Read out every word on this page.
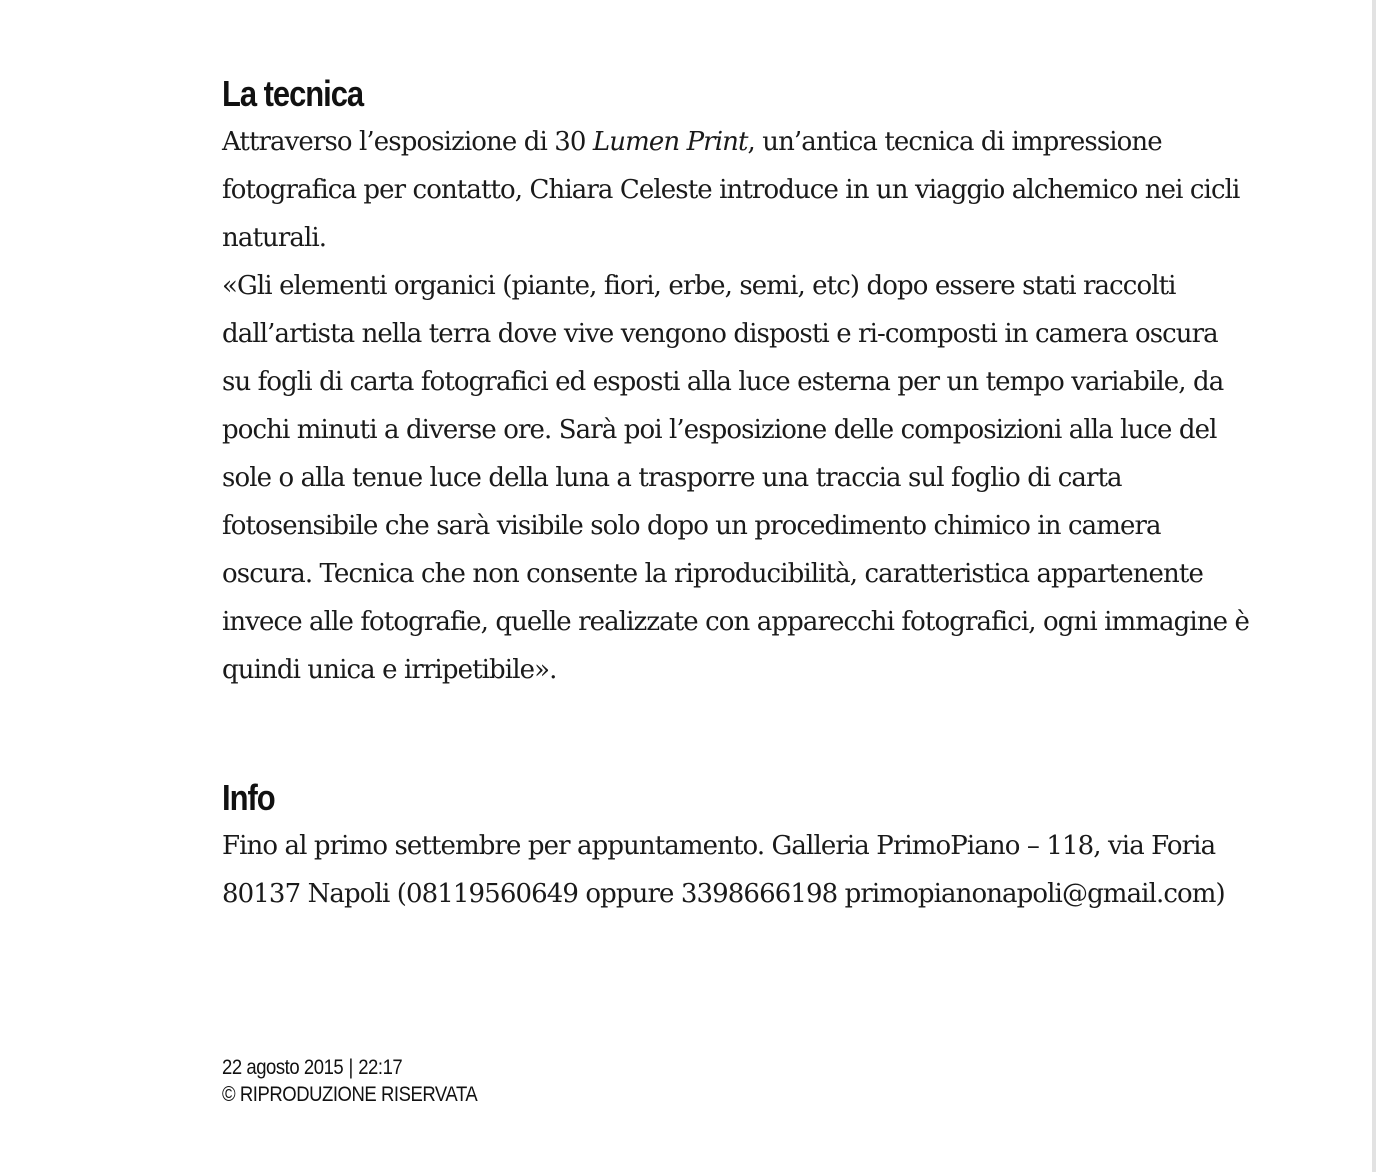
La tecnica

Attraverso l’esposizione di 30 Lumen Print, un’antica tecnica di impressione fotografica per contatto, Chiara Celeste introduce in un viaggio alchemico nei cicli naturali.

«Gli elementi organici (piante, fiori, erbe, semi, etc) dopo essere stati raccolti dall’artista nella terra dove vive vengono disposti e ri-composti in camera oscura su fogli di carta fotografici ed esposti alla luce esterna per un tempo variabile, da pochi minuti a diverse ore. Sarà poi l’esposizione delle composizioni alla luce del sole o alla tenue luce della luna a trasporre una traccia sul foglio di carta fotosensibile che sarà visibile solo dopo un procedimento chimico in camera oscura. Tecnica che non consente la riproducibilità, caratteristica appartenente invece alle fotografie, quelle realizzate con apparecchi fotografici, ogni immagine è quindi unica e irripetibile».

Info

Fino al primo settembre per appuntamento. Galleria PrimoPiano – 118, via Foria 80137 Napoli (08119560649 oppure 3398666198 primopianonapoli@gmail.com)

22 agosto 2015 | 22:17
© RIPRODUZIONE RISERVATA
